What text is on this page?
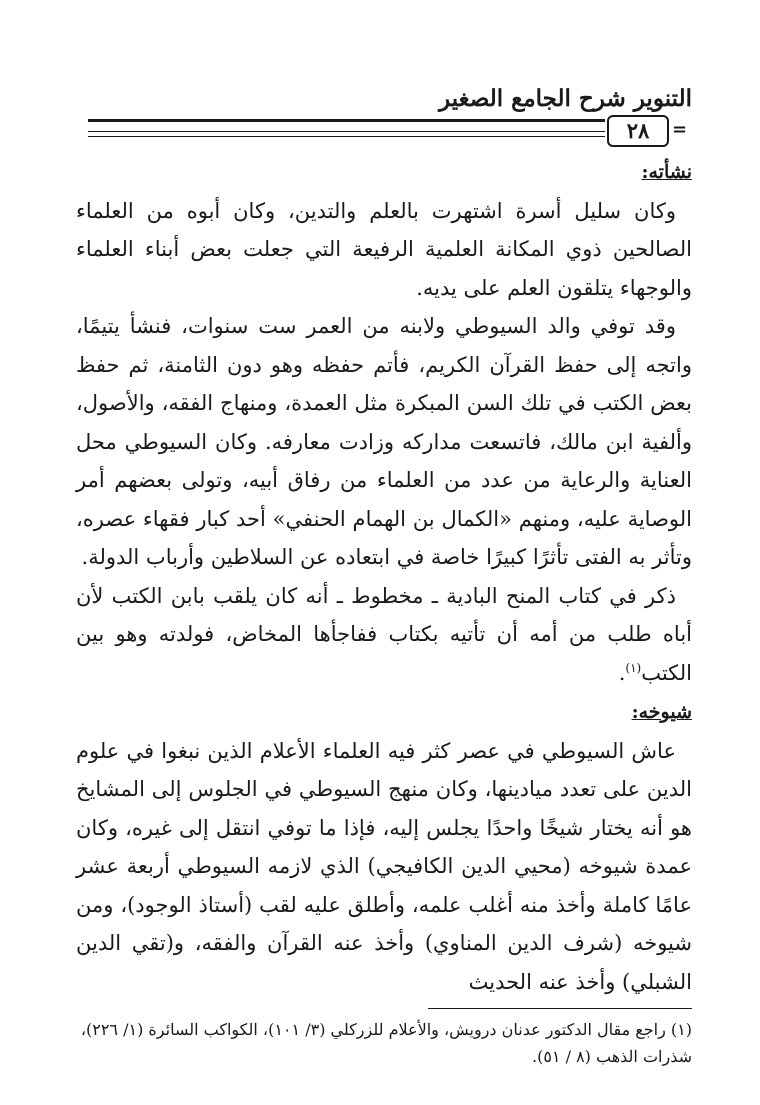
التنوير شرح الجامع الصغير
٢٨	=

نشأته:

وكان سليل أسرة اشتهرت بالعلم والتدين، وكان أبوه من العلماء الصالحين ذوي المكانة العلمية الرفيعة التي جعلت بعض أبناء العلماء والوجهاء يتلقون العلم على يديه.

وقد توفي والد السيوطي ولابنه من العمر ست سنوات، فنشأ يتيمًا، واتجه إلى حفظ القرآن الكريم، فأتم حفظه وهو دون الثامنة، ثم حفظ بعض الكتب في تلك السن المبكرة مثل العمدة، ومنهاج الفقه، والأصول، وألفية ابن مالك، فاتسعت مداركه وزادت معارفه. وكان السيوطي محل العناية والرعاية من عدد من العلماء من رفاق أبيه، وتولى بعضهم أمر الوصاية عليه، ومنهم «الكمال بن الهمام الحنفي» أحد كبار فقهاء عصره، وتأثر به الفتى تأثرًا كبيرًا خاصة في ابتعاده عن السلاطين وأرباب الدولة.

ذكر في كتاب المنح البادية ـ مخطوط ـ أنه كان يلقب بابن الكتب لأن أباه طلب من أمه أن تأتيه بكتاب ففاجأها المخاض، فولدته وهو بين الكتب$^{(١)}$.

شيوخه:

عاش السيوطي في عصر كثر فيه العلماء الأعلام الذين نبغوا في علوم الدين على تعدد ميادينها، وكان منهج السيوطي في الجلوس إلى المشايخ هو أنه يختار شيخًا واحدًا يجلس إليه، فإذا ما توفي انتقل إلى غيره، وكان عمدة شيوخه (محيي الدين الكافيجي) الذي لازمه السيوطي أربعة عشر عامًا كاملة وأخذ منه أغلب علمه، وأطلق عليه لقب (أستاذ الوجود)، ومن شيوخه (شرف الدين المناوي) وأخذ عنه القرآن والفقه، و(تقي الدين الشبلي) وأخذ عنه الحديث

(١) راجع مقال الدكتور عدنان درويش، والأعلام للزركلي (٣/ ١٠١)، الكواكب السائرة (١/ ٢٢٦)،

شذرات الذهب (٨ / ٥١).
